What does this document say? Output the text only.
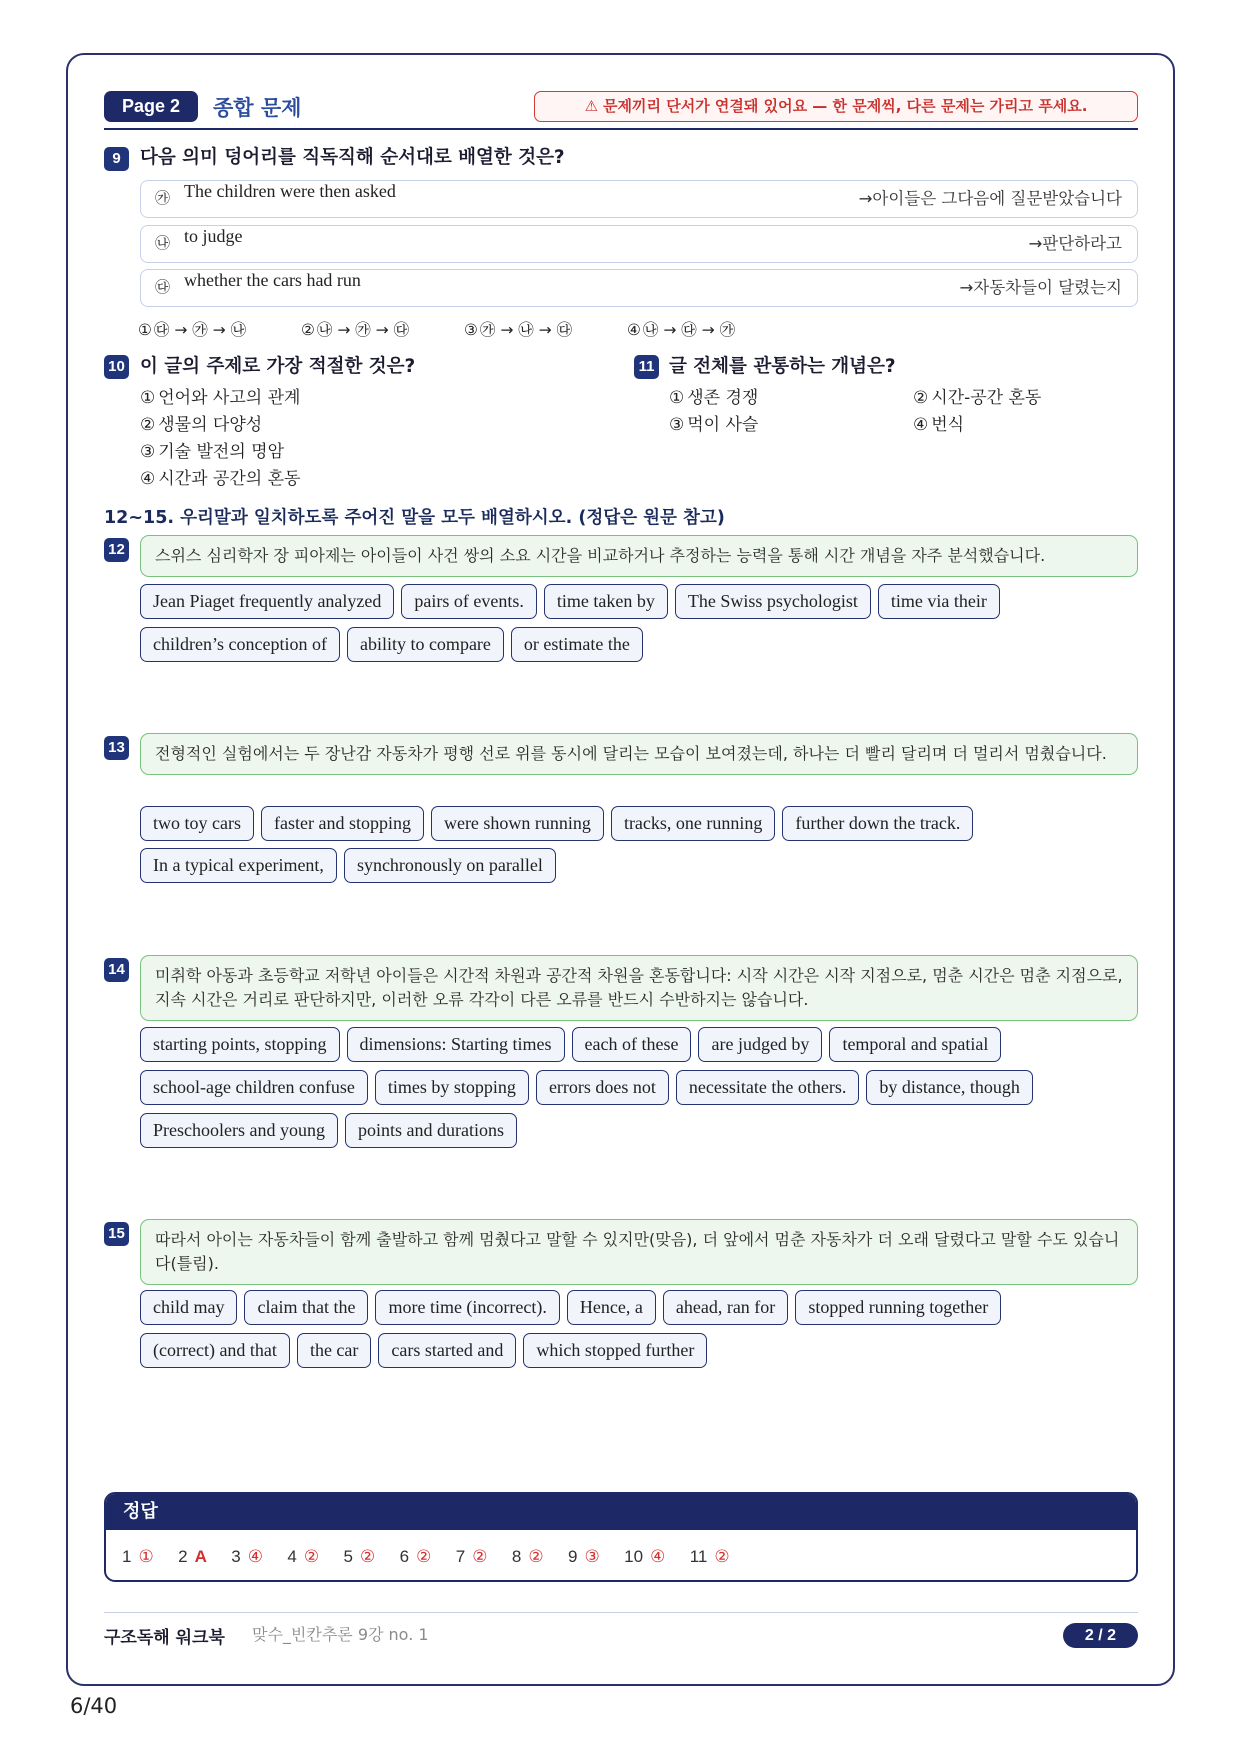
Page 2	종합 문제	⚠ 문제끼리 단서가 연결돼 있어요 — 한 문제씩, 다른 문제는 가리고 푸세요.
9	다음 의미 덩어리를 직독직해 순서대로 배열한 것은?
㉮ The children were then asked	→아이들은 그다음에 질문받았습니다
㉯ to judge	→판단하라고
㉰ whether the cars had run	→자동차들이 달렸는지
① ㉰ → ㉮ → ㉯	② ㉯ → ㉮ → ㉰	③ ㉮ → ㉯ → ㉰	④ ㉯ → ㉰ → ㉮
10 이 글의 주제로 가장 적절한 것은?
① 언어와 사고의 관계
② 생물의 다양성
③ 기술 발전의 명암
④ 시간과 공간의 혼동
11 글 전체를 관통하는 개념은?
① 생존 경쟁	② 시간-공간 혼동
③ 먹이 사슬	④ 번식
12~15. 우리말과 일치하도록 주어진 말을 모두 배열하시오. (정답은 원문 참고)
12	스위스 심리학자 장 피아제는 아이들이 사건 쌍의 소요 시간을 비교하거나 추정하는 능력을 통해 시간 개념을 자주 분석했습니다.
Jean Piaget frequently analyzed	pairs of events.	time taken by	The Swiss psychologist	time via their
children’s conception of	ability to compare	or estimate the
13	전형적인 실험에서는 두 장난감 자동차가 평행 선로 위를 동시에 달리는 모습이 보여졌는데, 하나는 더 빨리 달리며 더 멀리서 멈췄습니다.
two toy cars	faster and stopping	were shown running	tracks, one running	further down the track.
In a typical experiment,	synchronously on parallel
14	미취학 아동과 초등학교 저학년 아이들은 시간적 차원과 공간적 차원을 혼동합니다: 시작 시간은 시작 지점으로, 멈춘 시간은 멈춘 지점으로, 지속 시간은 거리로 판단하지만, 이러한 오류 각각이 다른 오류를 반드시 수반하지는 않습니다.
starting points, stopping	dimensions: Starting times	each of these	are judged by	temporal and spatial
school-age children confuse	times by stopping	errors does not	necessitate the others.	by distance, though
Preschoolers and young	points and durations
15	따라서 아이는 자동차들이 함께 출발하고 함께 멈췄다고 말할 수 있지만(맞음), 더 앞에서 멈춘 자동차가 더 오래 달렸다고 말할 수도 있습니다(틀림).
child may	claim that the	more time (incorrect).	Hence, a	ahead, ran for	stopped running together
(correct) and that	the car	cars started and	which stopped further
정답
1 ① 2 A 3 ④ 4 ② 5 ② 6 ② 7 ② 8 ② 9 ③ 10 ④ 11 ②
구조독해 워크북 맞수_빈칸추론 9강 no. 1	2 / 2
6/40
